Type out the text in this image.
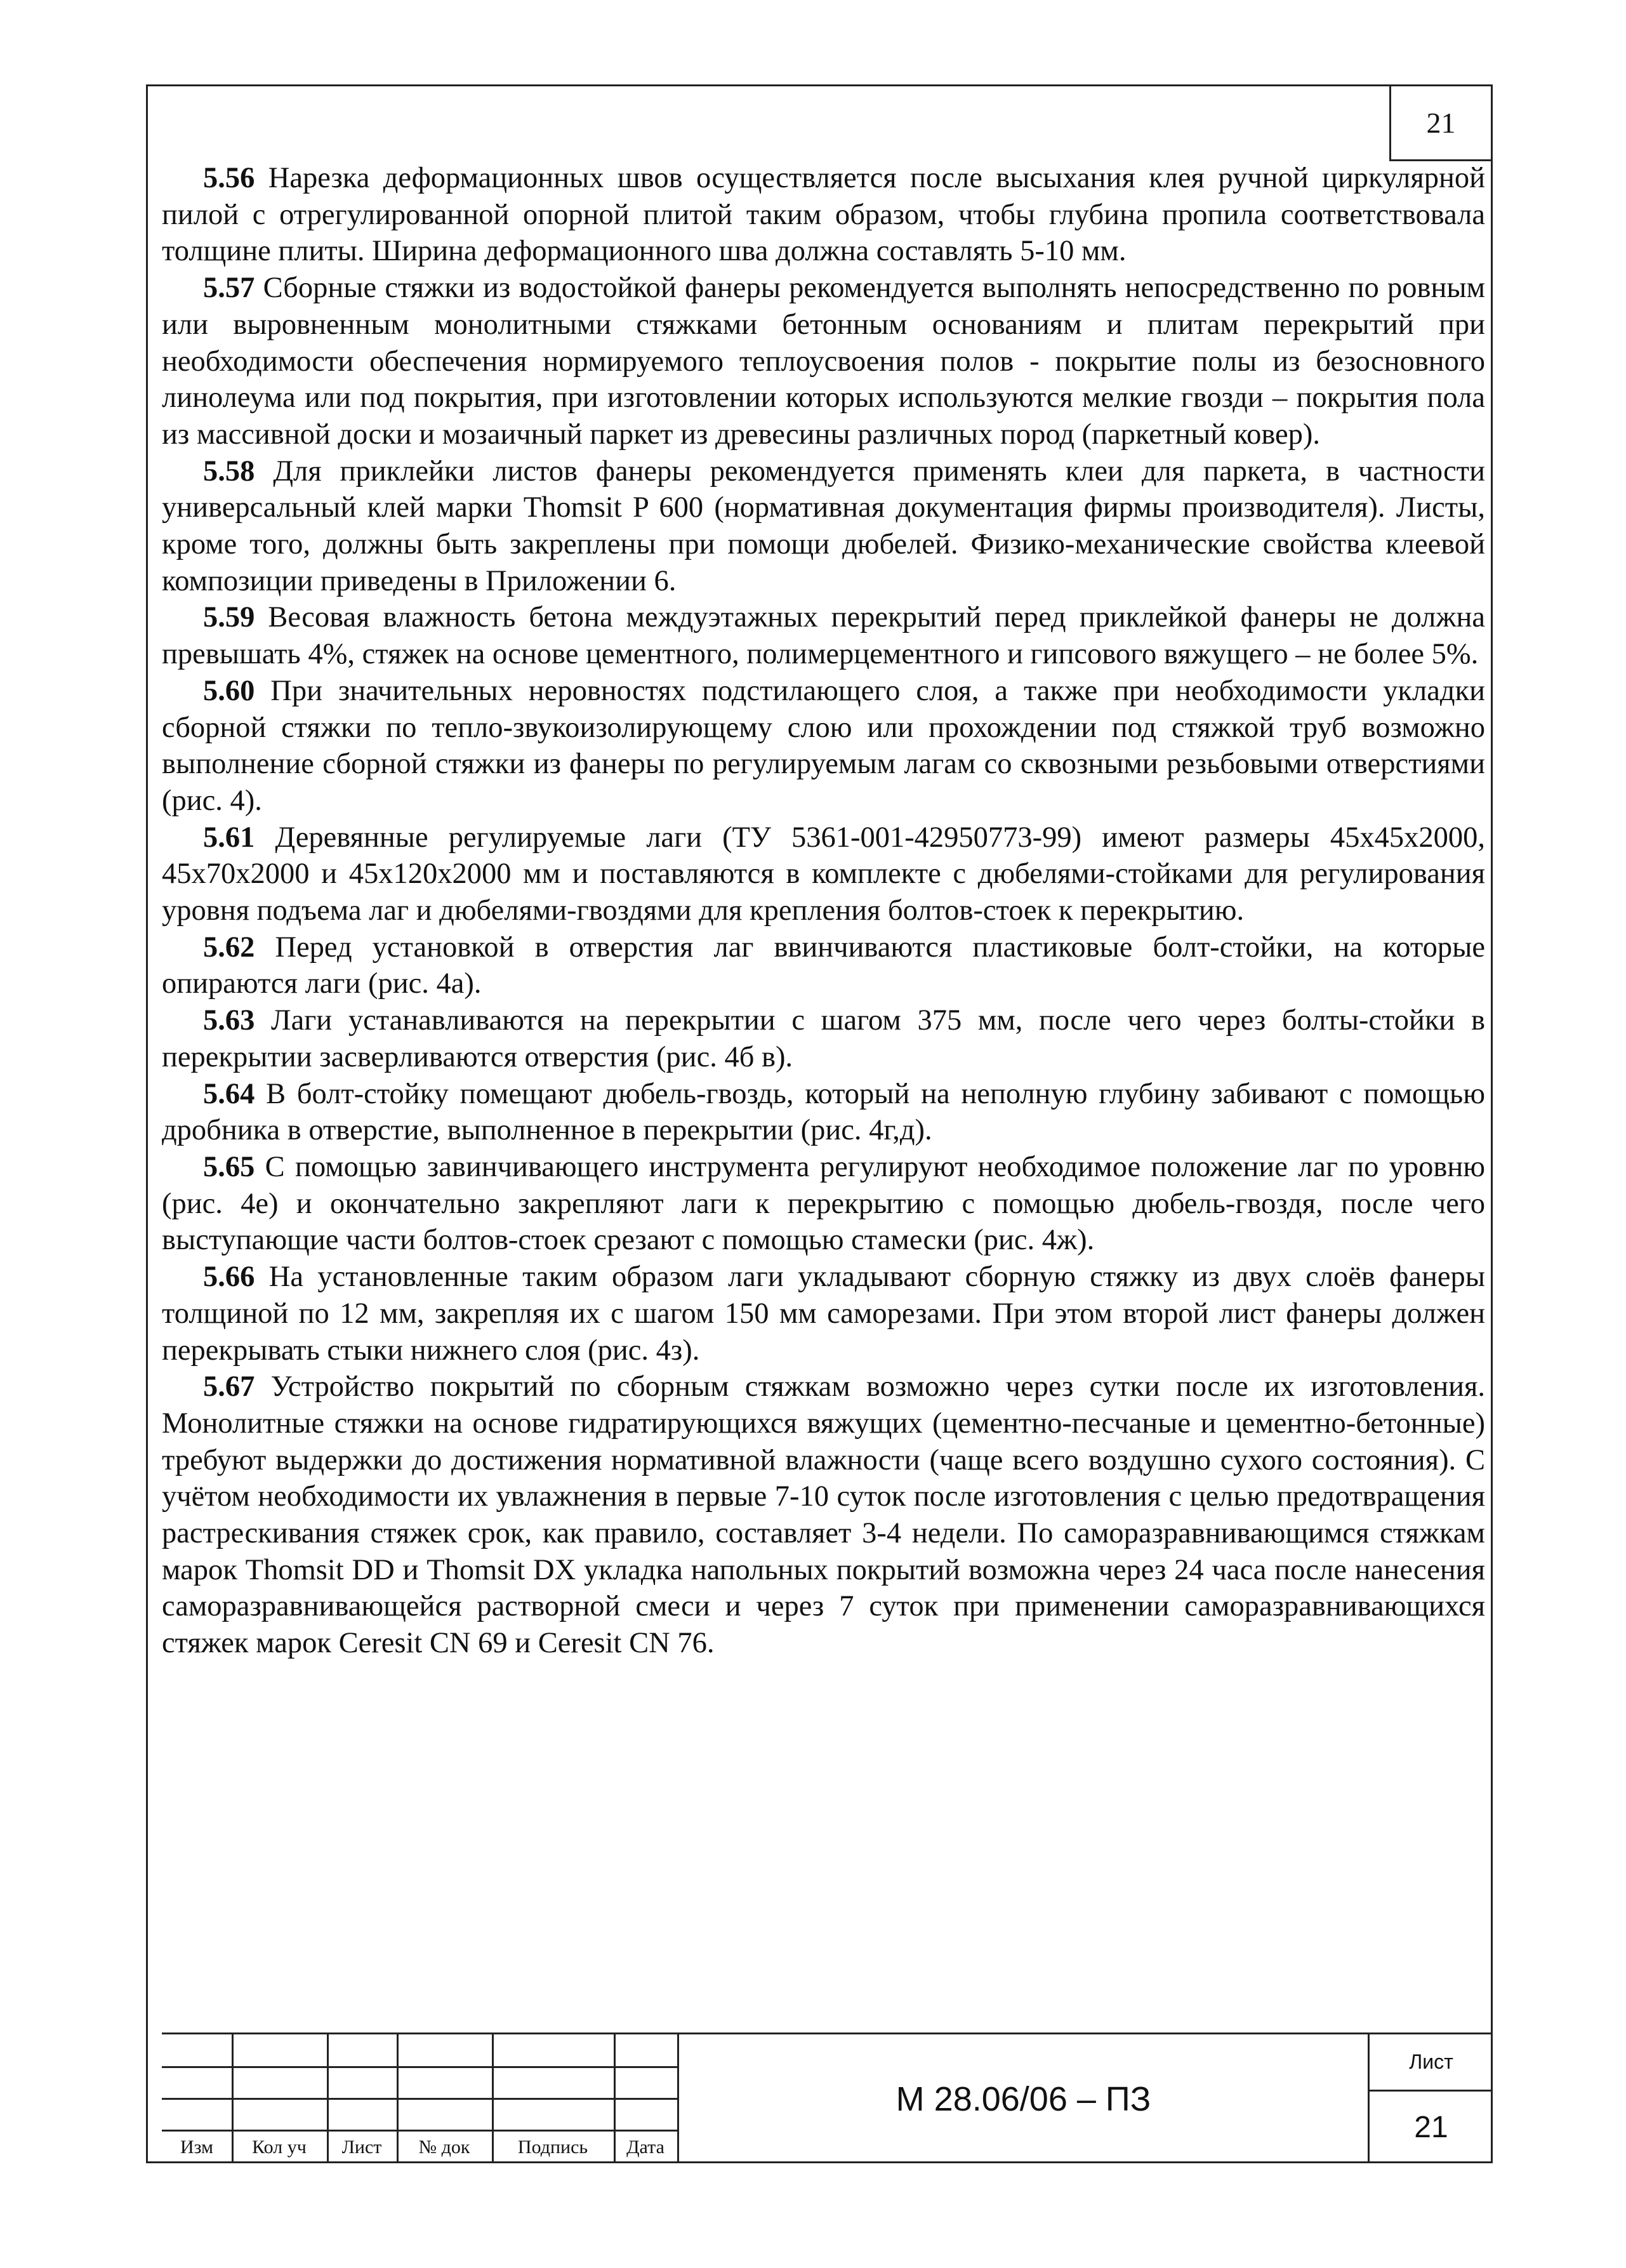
21

5.56 Нарезка деформационных швов осуществляется после высыхания клея ручной циркулярной пилой с отрегулированной опорной плитой таким образом, чтобы глубина пропила соответствовала толщине плиты. Ширина деформационного шва должна составлять 5-10 мм.

5.57 Сборные стяжки из водостойкой фанеры рекомендуется выполнять непосредственно по ровным или выровненным монолитными стяжками бетонным основаниям и плитам перекрытий при необходимости обеспечения нормируемого теплоусвоения полов - покрытие полы из безосновного линолеума или под покрытия, при изготовлении которых используются мелкие гвозди – покрытия пола из массивной доски и мозаичный паркет из древесины различных пород (паркетный ковер).

5.58 Для приклейки листов фанеры рекомендуется применять клеи для паркета, в частности универсальный клей марки Thomsit P 600 (нормативная документация фирмы производителя). Листы, кроме того, должны быть закреплены при помощи дюбелей. Физико-механические свойства клеевой композиции приведены в Приложении 6.

5.59 Весовая влажность бетона междуэтажных перекрытий перед приклейкой фанеры не должна превышать 4%, стяжек на основе цементного, полимерцементного и гипсового вяжущего – не более 5%.

5.60 При значительных неровностях подстилающего слоя, а также при необходимости укладки сборной стяжки по тепло-звукоизолирующему слою или прохождении под стяжкой труб возможно выполнение сборной стяжки из фанеры по регулируемым лагам со сквозными резьбовыми отверстиями (рис. 4).

5.61 Деревянные регулируемые лаги (ТУ 5361-001-42950773-99) имеют размеры 45x45x2000, 45x70x2000 и 45x120x2000 мм и поставляются в комплекте с дюбелями-стойками для регулирования уровня подъема лаг и дюбелями-гвоздями для крепления болтов-стоек к перекрытию.

5.62 Перед установкой в отверстия лаг ввинчиваются пластиковые болт-стойки, на которые опираются лаги (рис. 4а).

5.63 Лаги устанавливаются на перекрытии с шагом 375 мм, после чего через болты-стойки в перекрытии засверливаются отверстия (рис. 4б в).

5.64 В болт-стойку помещают дюбель-гвоздь, который на неполную глубину забивают с помощью дробника в отверстие, выполненное в перекрытии (рис. 4г,д).

5.65 С помощью завинчивающего инструмента регулируют необходимое положение лаг по уровню (рис. 4е) и окончательно закрепляют лаги к перекрытию с помощью дюбель-гвоздя, после чего выступающие части болтов-стоек срезают с помощью стамески (рис. 4ж).

5.66 На установленные таким образом лаги укладывают сборную стяжку из двух слоёв фанеры толщиной по 12 мм, закрепляя их с шагом 150 мм саморезами. При этом второй лист фанеры должен перекрывать стыки нижнего слоя (рис. 4з).

5.67 Устройство покрытий по сборным стяжкам возможно через сутки после их изготовления. Монолитные стяжки на основе гидратирующихся вяжущих (цементно-песчаные и цементно-бетонные) требуют выдержки до достижения нормативной влажности (чаще всего воздушно сухого состояния). С учётом необходимости их увлажнения в первые 7-10 суток после изготовления с целью предотвращения растрескивания стяжек срок, как правило, составляет 3-4 недели. По саморазравнивающимся стяжкам марок Thomsit DD и Thomsit DX укладка напольных покрытий возможна через 24 часа после нанесения саморазравнивающейся растворной смеси и через 7 суток при применении саморазравнивающихся стяжек марок Ceresit CN 69 и Ceresit CN 76.

Изм	Кол уч	Лист	№ док	Подпись	Дата
М 28.06/06 – ПЗ
Лист
21
